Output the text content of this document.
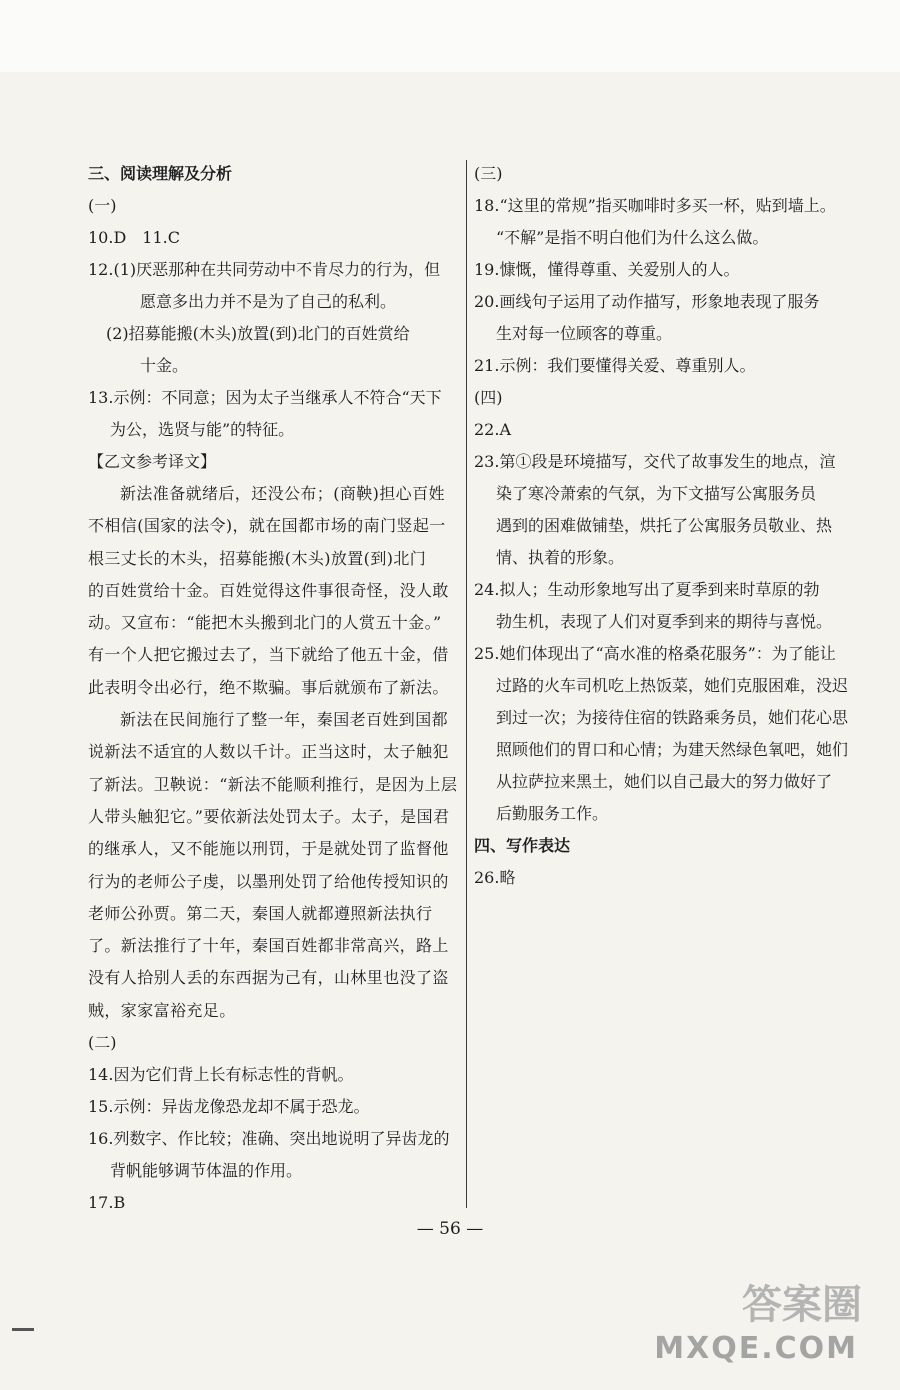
三、阅读理解及分析
(一)
10.D　11.C
12.(1)厌恶那种在共同劳动中不肯尽力的行为，但
愿意多出力并不是为了自己的私利。
(2)招募能搬(木头)放置(到)北门的百姓赏给
十金。
13.示例：不同意；因为太子当继承人不符合“天下
为公，选贤与能”的特征。
【乙文参考译文】
新法准备就绪后，还没公布；(商鞅)担心百姓
不相信(国家的法令)，就在国都市场的南门竖起一
根三丈长的木头，招募能搬(木头)放置(到)北门
的百姓赏给十金。百姓觉得这件事很奇怪，没人敢
动。又宣布：“能把木头搬到北门的人赏五十金。”
有一个人把它搬过去了，当下就给了他五十金，借
此表明令出必行，绝不欺骗。事后就颁布了新法。
新法在民间施行了整一年，秦国老百姓到国都
说新法不适宜的人数以千计。正当这时，太子触犯
了新法。卫鞅说：“新法不能顺利推行，是因为上层
人带头触犯它。”要依新法处罚太子。太子，是国君
的继承人，又不能施以刑罚，于是就处罚了监督他
行为的老师公子虔，以墨刑处罚了给他传授知识的
老师公孙贾。第二天，秦国人就都遵照新法执行
了。新法推行了十年，秦国百姓都非常高兴，路上
没有人拾别人丢的东西据为己有，山林里也没了盗
贼，家家富裕充足。
(二)
14.因为它们背上长有标志性的背帆。
15.示例：异齿龙像恐龙却不属于恐龙。
16.列数字、作比较；准确、突出地说明了异齿龙的
背帆能够调节体温的作用。
17.B
(三)
18.“这里的常规”指买咖啡时多买一杯，贴到墙上。
“不解”是指不明白他们为什么这么做。
19.慷慨，懂得尊重、关爱别人的人。
20.画线句子运用了动作描写，形象地表现了服务
生对每一位顾客的尊重。
21.示例：我们要懂得关爱、尊重别人。
(四)
22.A
23.第①段是环境描写，交代了故事发生的地点，渲
染了寒冷萧索的气氛，为下文描写公寓服务员
遇到的困难做铺垫，烘托了公寓服务员敬业、热
情、执着的形象。
24.拟人；生动形象地写出了夏季到来时草原的勃
勃生机，表现了人们对夏季到来的期待与喜悦。
25.她们体现出了“高水准的格桑花服务”：为了能让
过路的火车司机吃上热饭菜，她们克服困难，没迟
到过一次；为接待住宿的铁路乘务员，她们花心思
照顾他们的胃口和心情；为建天然绿色氧吧，她们
从拉萨拉来黑土，她们以自己最大的努力做好了
后勤服务工作。
四、写作表达
26.略
— 56 —
答案圈
MXQE.COM
